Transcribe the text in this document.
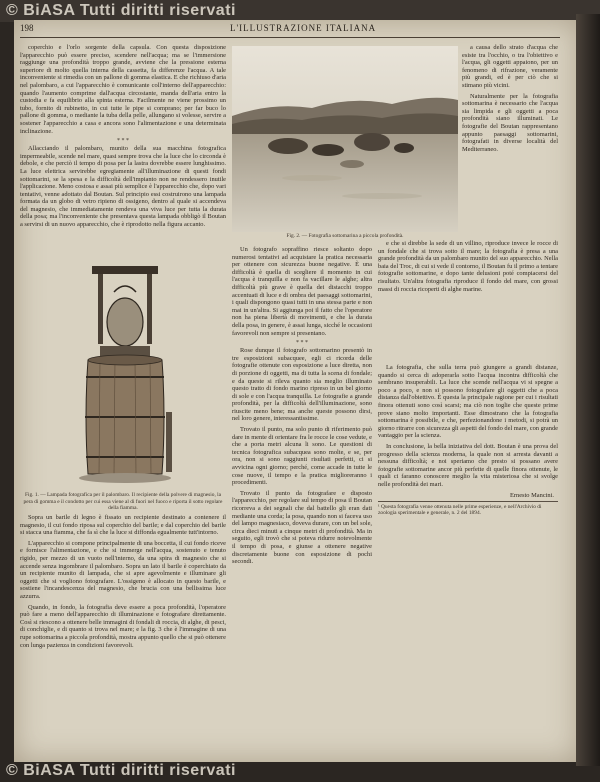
© BiASA Tutti diritti riservati
198	L'ILLUSTRAZIONE ITALIANA

coperchio e l'orlo sorgente della capsula. Con questa disposizione l'apparecchio può essere preciso, scendere nell'acqua; ma se l'immersione raggiunge una profondità troppo grande, avviene che la pressione esterna superiore di molto quella interna della cassetta, fa differenze l'acqua. A tale inconveniente si rimedia con un pallone di gomma elastica. E che richiuso d'aria nel palombaro, a cui l'apparecchio è comunicante coll'interno dell'apparecchio: quando l'aumento comprime dall'acqua circostante, manda dell'aria entro la custodia e fa equilibrio alla spinta esterna. Facilmente ne viene prossimo un tubo, fornito di rubinetto, in cui tutte le pipe si comprano; per far buco lo pallone di gomma, o mediante la tuba della pelle, allungano si volesse, servire a sostener l'apparecchio a casa e ancora sono l'alimentazione e una determinata inclinazione.

* * *

Allacciando il palombaro, munito della sua macchina fotografica impermeabile, scende nel mare, quasi sempre trova che la luce che lo circonda è debole, e che perciò il tempo di posa per la lastra dovrebbe essere lunghissimo. La luce elettrica servirebbe egregiamente all'illuminazione di questi fondi sottomarini, se la spesa e la difficoltà dell'impianto non ne rendessero inutile l'applicazione. Meno costosa e assai più semplice è l'apparecchio che, dopo vari tentativi, venne adottato dal Boutan. Sul principio essi costruirono una lampada formata da un globo di vetro ripieno di ossigeno, dentro al quale si accendeva del magnesio, che immediatamente rendeva una viva luce per tutta la durata della posa; ma l'inconveniente che presentava questa lampada obbligò il Boutan a servirsi di un nuovo apparecchio, che è riprodotto nella figura accanto.

Fig. 1. — Lampada fotografica per il palombaro. Il recipiente della polvere di magnesio, la pera di gomma e il condotto per cui essa viene al di fuori nel fuoco e riporta il sotto regolare della fiamma.

Sopra un barile di legno è fissato un recipiente destinato a contenere il magnesio, il cui fondo riposa sul coperchio del barile; e dal coperchio del barile si stacca una fiamma, che fa sì che la luce si diffonda egualmente tutt'intorno.

L'apparecchio si compone principalmente di una boccetta, il cui fondo riceve e fornisce l'alimentazione, e che si immerge nell'acqua, sostenuto e tenuto rigido, per mezzo di un vuoto nell'interno, da una spira di magnesio che si accende senza ingombrare il palombaro. Sopra un lato il barile è coperchiato da un recipiente munito di lampada, che si apre agevolmente e illuminare gli oggetti che si vogliono fotografare. L'ossigeno è allocato in questo barile, e sostiene l'incandescenza del magnesio, che brucia con una bellissima luce azzurra.

Quando, in fondo, la fotografia deve essere a poca profondità, l'operatore può fare a meno dell'apparecchio di illuminazione e fotografare direttamente. Così si riescono a ottenere belle immagini di fondali di roccia, di alghe, di pesci, di conchiglie, e di quanto si trova nel mare; e la fig. 3 che è l'immagine di una rupe sottomarina a piccola profondità, mostra appunto quello che si può ottenere con lunga pazienza in condizioni favorevoli.

Fig. 2. — Fotografia sottomarina a piccola profondità.

Un fotografo sopraffino riesce soltanto dopo numerosi tentativi ad acquistare la pratica necessaria per ottenere con sicurezza buone negative. È una difficoltà è quella di scegliere il momento in cui l'acqua è tranquilla e non fa vacillare le alghe; altra difficoltà più grave è quella dei distacchi troppo accentuati di luce e di ombra dei paesaggi sottomarini, i quali dispongono quasi tutti in una stessa parte e non mai in un'altra. Si aggiunga poi il fatto che l'operatore non ha piena libertà di movimenti, e che la durata della posa, in genere, è assai lunga, sicché le occasioni favorevoli non sempre si presentano.

* * *

Rose dunque il fotografo sottomarino presentò in tre esposizioni subacquee, egli ci ricorda delle fotografie ottenute con esposizione a luce diretta, non di porzione di oggetti, ma di tutta la scena di fondale; e da queste si rileva quanto sia meglio illuminato questo tratto di fondo marino ripreso in un bel giorno di sole e con l'acqua tranquilla. Le fotografie a grande profondità, per la difficoltà dell'illuminazione, sono riuscite meno bene; ma anche queste possono dirsi, nel loro genere, interessantissime.

Trovato il punto, ma solo punto di riferimento può dare in mente di orientare fra le rocce le cose vedute, e che a porta metri alcuna li sono. Le questioni di tecnica fotografica subacquea sono molte, e se, per ora, non si sono raggiunti risultati perfetti, ci si avvicina ogni giorno; perché, come accade in tutte le cose nuove, il tempo e la pratica miglioreranno i procedimenti.

Trovato il punto da fotografare e disposto l'apparecchio, per regolare sul tempo di posa il Boutan ricorreva a dei segnali che dal battello gli eran dati mediante una corda; la posa, quando non si faceva uso del lampo magnesiaco, doveva durare, con un bel sole, circa dieci minuti a cinque metri di profondità. Ma in seguito, egli trovò che si poteva ridurre notevolmente il tempo di posa, e giunse a ottenere negative discretamente buone con esposizione di pochi secondi.

a causa dello strato d'acqua che esiste tra l'occhio, o tra l'obiettivo e l'acqua, gli oggetti appaiono, per un fenomeno di rifrazione, veramente più grandi, ed è per ciò che si stimano più vicini.

Naturalmente per la fotografia sottomarina è necessario che l'acqua sia limpida e gli oggetti a poca profondità siano illuminati. Le fotografie del Boutan rappresentano appunto paesaggi sottomarini, fotografati in diverse località del Mediterraneo.

e che si direbbe la sede di un villino, riproduce invece le rocce di un fondale che si trova sotto il mare; la fotografia è presa a una grande profondità da un palombaro munito del suo apparecchio. Nella baia del Troc, di cui si vede il contorno, il Boutan fu il primo a tentare fotografie sottomarine, e dopo tante delusioni poté compiacersi del risultato. Un'altra fotografia riproduce il fondo del mare, con grossi massi di roccia ricoperti di alghe marine.

La fotografia, che sulla terra può giungere a grandi distanze, quando si cerca di adoperarla sotto l'acqua incontra difficoltà che sembrano insuperabili. La luce che scende nell'acqua vi si spegne a poco a poco, e non si possono fotografare gli oggetti che a poca distanza dall'obiettivo. È questa la principale ragione per cui i risultati finora ottenuti sono così scarsi; ma ciò non toglie che queste prime prove siano molto importanti. Esse dimostrano che la fotografia sottomarina è possibile, e che, perfezionandone i metodi, si potrà un giorno ritrarre con sicurezza gli aspetti del fondo del mare, con grande vantaggio per la scienza.

In conclusione, la bella iniziativa del dott. Boutan è una prova del progresso della scienza moderna, la quale non si arresta davanti a nessuna difficoltà; e noi speriamo che presto si possano avere fotografie sottomarine ancor più perfette di quelle finora ottenute, le quali ci faranno conoscere meglio la vita misteriosa che si svolge nelle profondità dei mari.

Ernesto Mancini.
¹ Questa fotografia venne ottenuta nelle prime esperienze, e nell'Archivio di zoologia sperimentale e generale, n. 2 del 1894.
© BiASA Tutti diritti riservati
